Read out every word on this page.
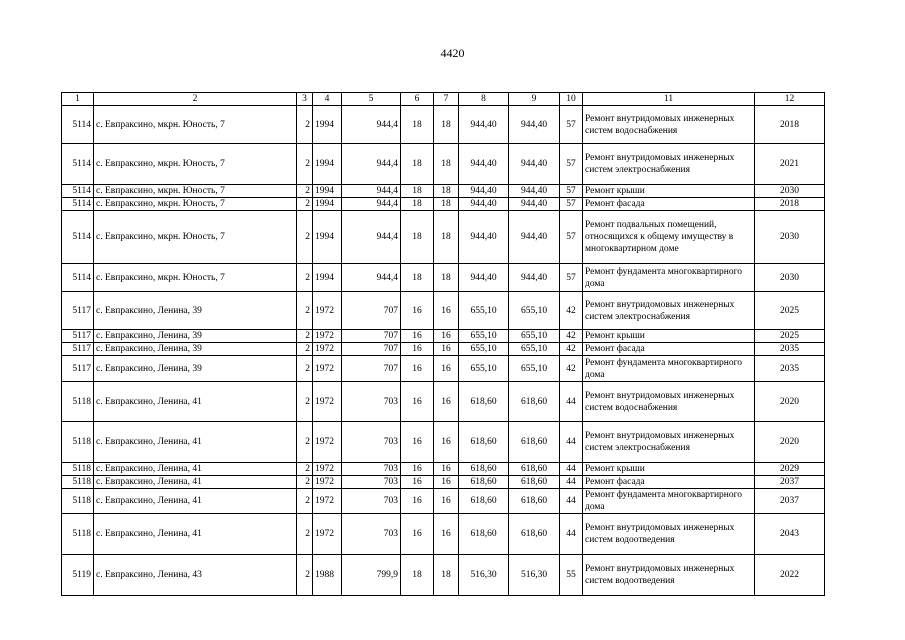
4420
1	2	3	4	5	6	7	8	9	10	11	12
5114	с. Евпраксино, мкрн. Юность, 7	2	1994	944,4	18	18	944,40	944,40	57	Ремонт внутридомовых инженерных систем водоснабжения	2018
5114	с. Евпраксино, мкрн. Юность, 7	2	1994	944,4	18	18	944,40	944,40	57	Ремонт внутридомовых инженерных систем электроснабжения	2021
5114	с. Евпраксино, мкрн. Юность, 7	2	1994	944,4	18	18	944,40	944,40	57	Ремонт крыши	2030
5114	с. Евпраксино, мкрн. Юность, 7	2	1994	944,4	18	18	944,40	944,40	57	Ремонт фасада	2018
5114	с. Евпраксино, мкрн. Юность, 7	2	1994	944,4	18	18	944,40	944,40	57	Ремонт подвальных помещений, относящихся к общему имуществу в многоквартирном доме	2030
5114	с. Евпраксино, мкрн. Юность, 7	2	1994	944,4	18	18	944,40	944,40	57	Ремонт фундамента многоквартирного дома	2030
5117	с. Евпраксино, Ленина, 39	2	1972	707	16	16	655,10	655,10	42	Ремонт внутридомовых инженерных систем электроснабжения	2025
5117	с. Евпраксино, Ленина, 39	2	1972	707	16	16	655,10	655,10	42	Ремонт крыши	2025
5117	с. Евпраксино, Ленина, 39	2	1972	707	16	16	655,10	655,10	42	Ремонт фасада	2035
5117	с. Евпраксино, Ленина, 39	2	1972	707	16	16	655,10	655,10	42	Ремонт фундамента многоквартирного дома	2035
5118	с. Евпраксино, Ленина, 41	2	1972	703	16	16	618,60	618,60	44	Ремонт внутридомовых инженерных систем водоснабжения	2020
5118	с. Евпраксино, Ленина, 41	2	1972	703	16	16	618,60	618,60	44	Ремонт внутридомовых инженерных систем электроснабжения	2020
5118	с. Евпраксино, Ленина, 41	2	1972	703	16	16	618,60	618,60	44	Ремонт крыши	2029
5118	с. Евпраксино, Ленина, 41	2	1972	703	16	16	618,60	618,60	44	Ремонт фасада	2037
5118	с. Евпраксино, Ленина, 41	2	1972	703	16	16	618,60	618,60	44	Ремонт фундамента многоквартирного дома	2037
5118	с. Евпраксино, Ленина, 41	2	1972	703	16	16	618,60	618,60	44	Ремонт внутридомовых инженерных систем водоотведения	2043
5119	с. Евпраксино, Ленина, 43	2	1988	799,9	18	18	516,30	516,30	55	Ремонт внутридомовых инженерных систем водоотведения	2022
